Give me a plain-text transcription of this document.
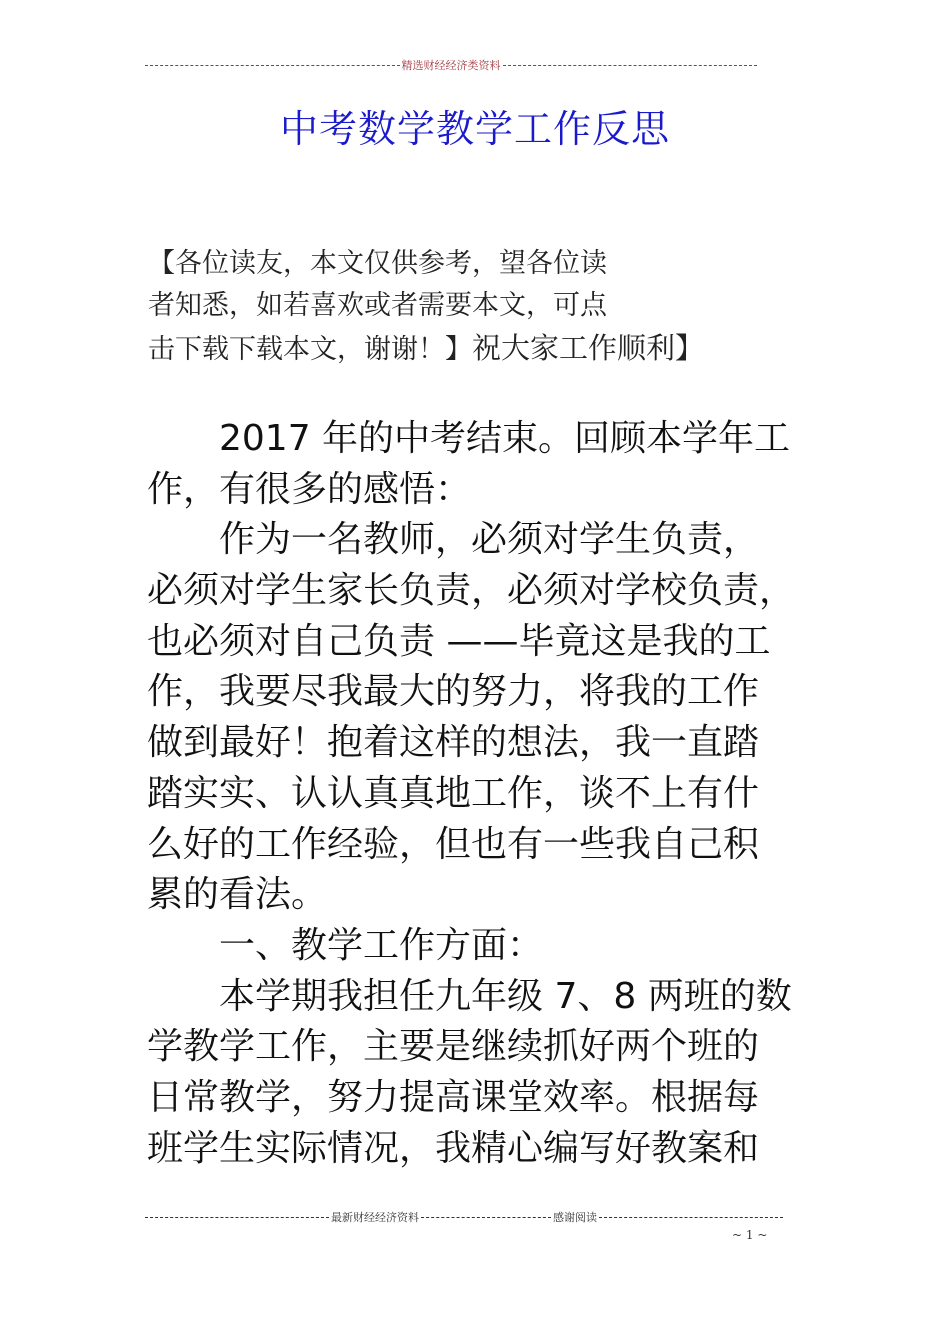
精选财经经济类资料
中考数学教学工作反思
【各位读友，本文仅供参考，望各位读
者知悉，如若喜欢或者需要本文，可点
击下载下载本文，谢谢！】祝大家工作顺利】
2017 年的中考结束。回顾本学年工
作，有很多的感悟：
作为一名教师，必须对学生负责，
必须对学生家长负责，必须对学校负责，
也必须对自己负责 ——毕竟这是我的工
作，我要尽我最大的努力，将我的工作
做到最好！抱着这样的想法，我一直踏
踏实实、认认真真地工作，谈不上有什
么好的工作经验，但也有一些我自己积
累的看法。
一、教学工作方面：
本学期我担任九年级 7、8 两班的数
学教学工作，主要是继续抓好两个班的
日常教学，努力提高课堂效率。根据每
班学生实际情况，我精心编写好教案和
最新财经经济资料	感谢阅读
~ 1 ~
